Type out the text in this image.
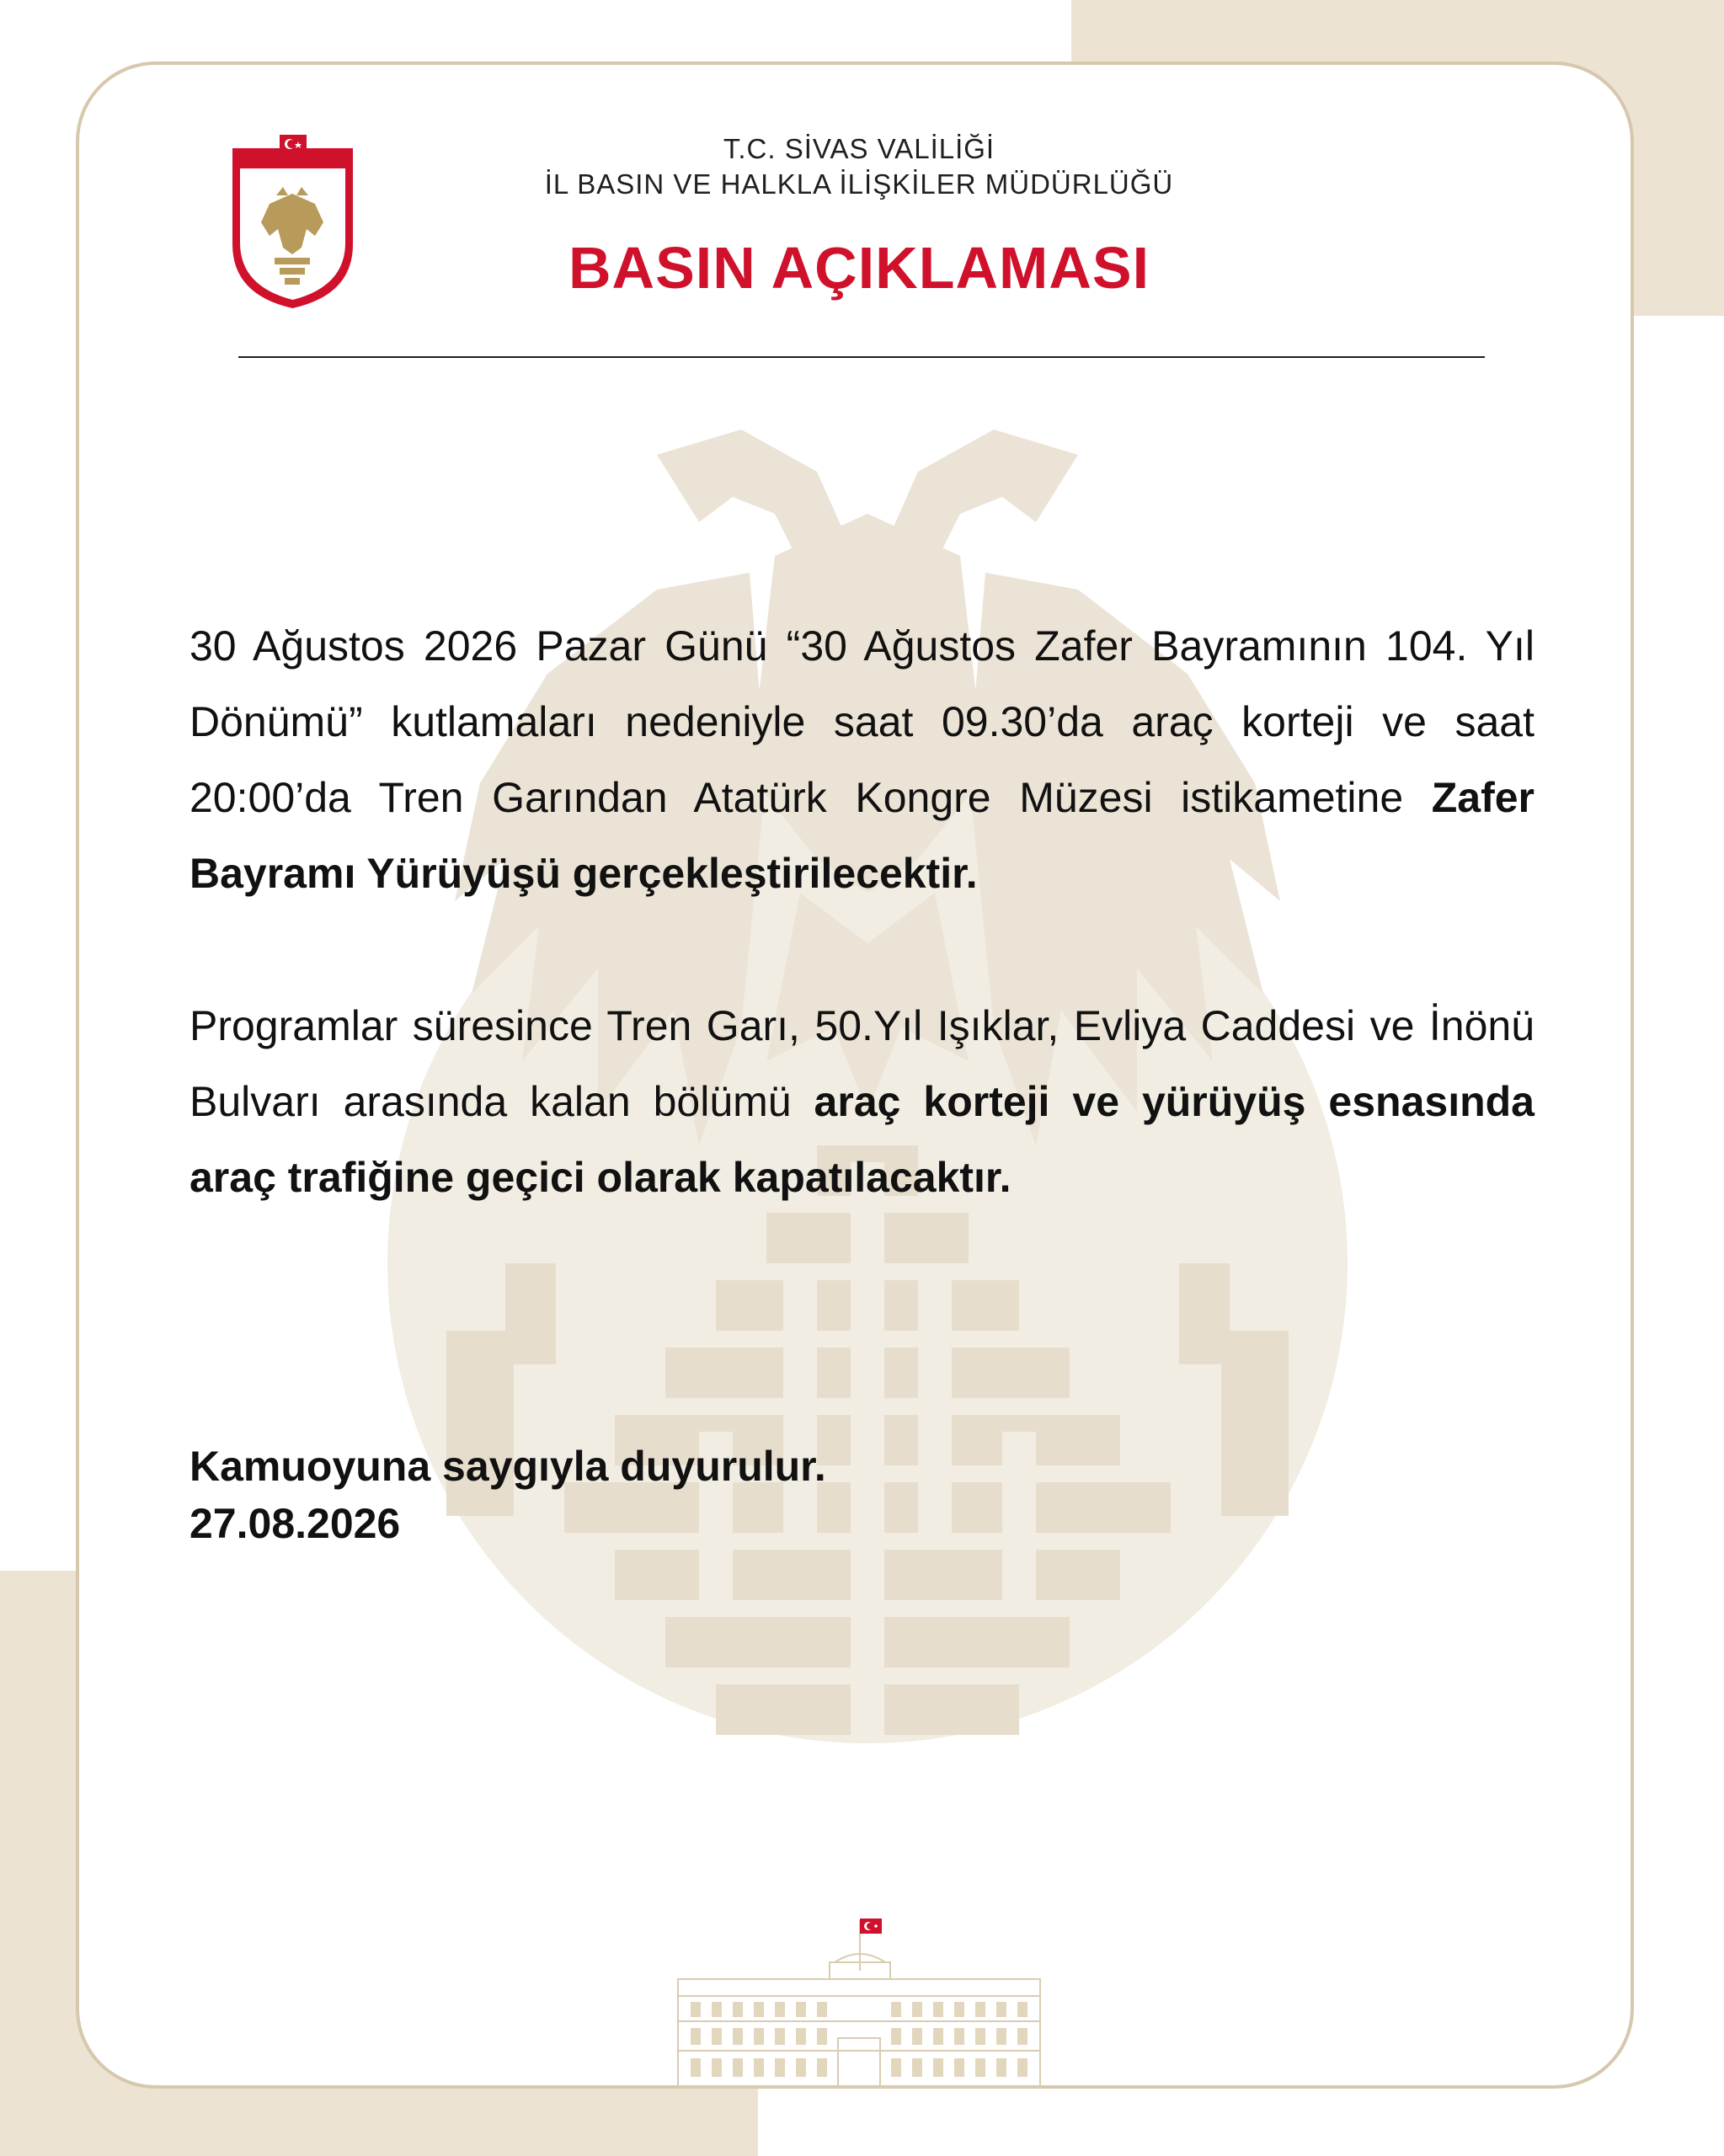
T.C. SİVAS VALİLİĞİ
İL BASIN VE HALKLA İLİŞKİLER MÜDÜRLÜĞÜ
BASIN AÇIKLAMASI
30 Ağustos 2026 Pazar Günü “30 Ağustos Zafer Bayramının 104. Yıl Dönümü” kutlamaları nedeniyle saat 09.30’da araç korteji ve saat 20:00’da Tren Garından Atatürk Kongre Müzesi istikametine Zafer Bayramı Yürüyüşü gerçekleştirilecektir.
Programlar süresince Tren Garı, 50.Yıl Işıklar, Evliya Caddesi ve İnönü Bulvarı arasında kalan bölümü araç korteji ve yürüyüş esnasında araç trafiğine geçici olarak kapatılacaktır.
Kamuoyuna saygıyla duyurulur.
27.08.2026
